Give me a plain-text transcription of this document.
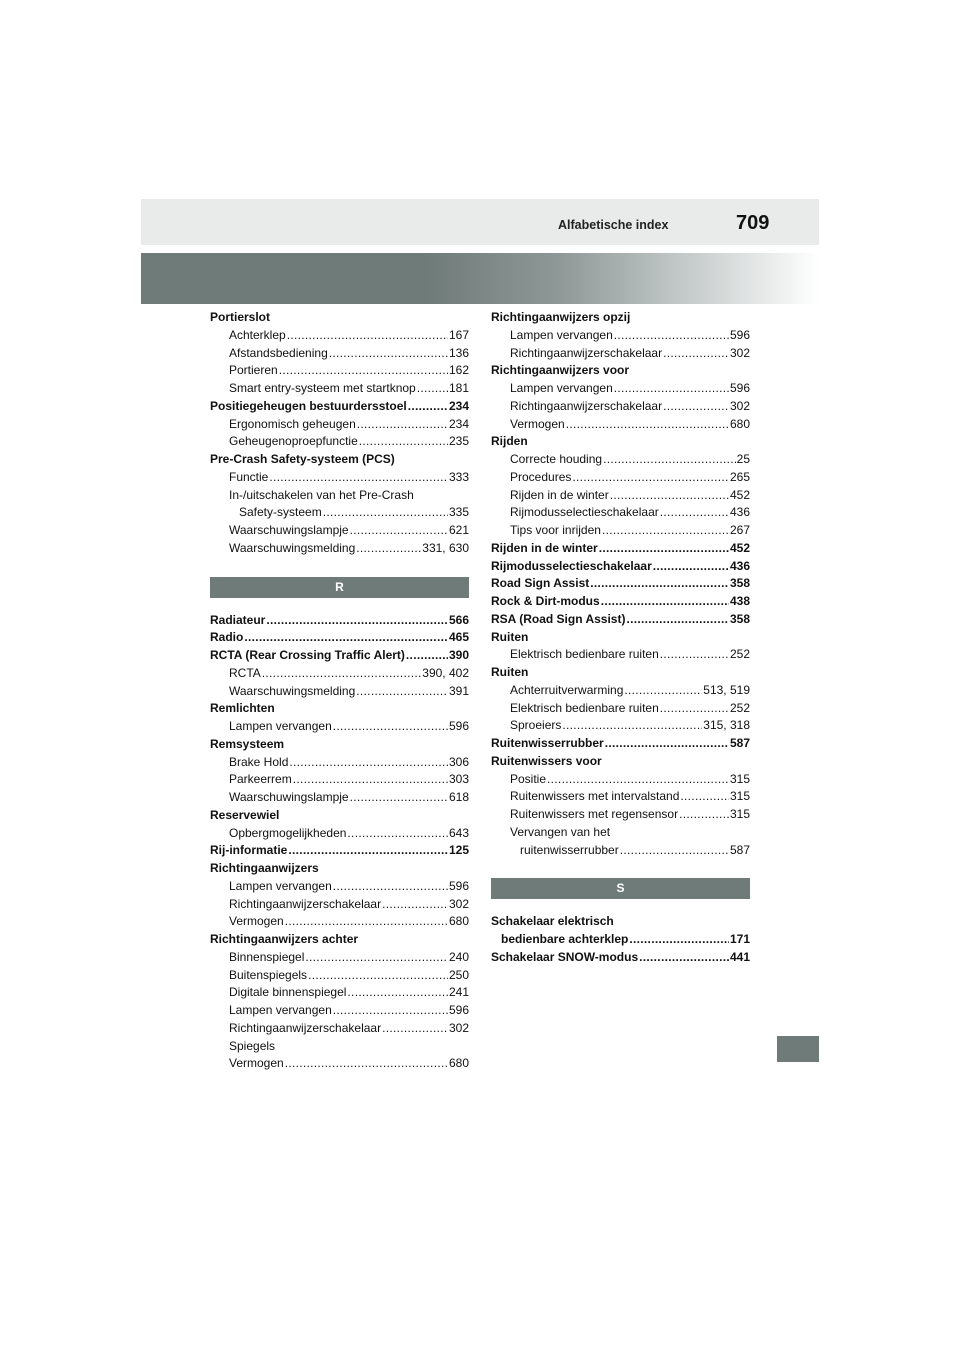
Alfabetische index	709
Portierslot
Achterklep .....	167
Afstandsbediening .....	136
Portieren .....	162
Smart entry-systeem met startknop .....	181
Positiegeheugen bestuurdersstoel .....	234
Ergonomisch geheugen .....	234
Geheugenoproepfunctie .....	235
Pre-Crash Safety-systeem (PCS)
Functie .....	333
In-/uitschakelen van het Pre-Crash
Safety-systeem .....	335
Waarschuwingslampje .....	621
Waarschuwingsmelding .....	331, 630
R
Radiateur .....	566
Radio .....	465
RCTA (Rear Crossing Traffic Alert) .....	390
RCTA .....	390, 402
Waarschuwingsmelding .....	391
Remlichten
Lampen vervangen .....	596
Remsysteem
Brake Hold .....	306
Parkeerrem .....	303
Waarschuwingslampje .....	618
Reservewiel
Opbergmogelijkheden .....	643
Rij-informatie .....	125
Richtingaanwijzers
Lampen vervangen .....	596
Richtingaanwijzerschakelaar .....	302
Vermogen .....	680
Richtingaanwijzers achter
Binnenspiegel .....	240
Buitenspiegels .....	250
Digitale binnenspiegel .....	241
Lampen vervangen .....	596
Richtingaanwijzerschakelaar .....	302
Spiegels
Vermogen .....	680
Richtingaanwijzers opzij
Lampen vervangen .....	596
Richtingaanwijzerschakelaar .....	302
Richtingaanwijzers voor
Lampen vervangen .....	596
Richtingaanwijzerschakelaar .....	302
Vermogen .....	680
Rijden
Correcte houding .....	25
Procedures .....	265
Rijden in de winter .....	452
Rijmodusselectieschakelaar .....	436
Tips voor inrijden .....	267
Rijden in de winter .....	452
Rijmodusselectieschakelaar .....	436
Road Sign Assist .....	358
Rock & Dirt-modus .....	438
RSA (Road Sign Assist) .....	358
Ruiten
Elektrisch bedienbare ruiten .....	252
Ruiten
Achterruitverwarming .....	513, 519
Elektrisch bedienbare ruiten .....	252
Sproeiers .....	315, 318
Ruitenwisserrubber .....	587
Ruitenwissers voor
Positie .....	315
Ruitenwissers met intervalstand .....	315
Ruitenwissers met regensensor .....	315
Vervangen van het
ruitenwisserrubber .....	587
S
Schakelaar elektrisch
bedienbare achterklep .....	171
Schakelaar SNOW-modus .....	441
